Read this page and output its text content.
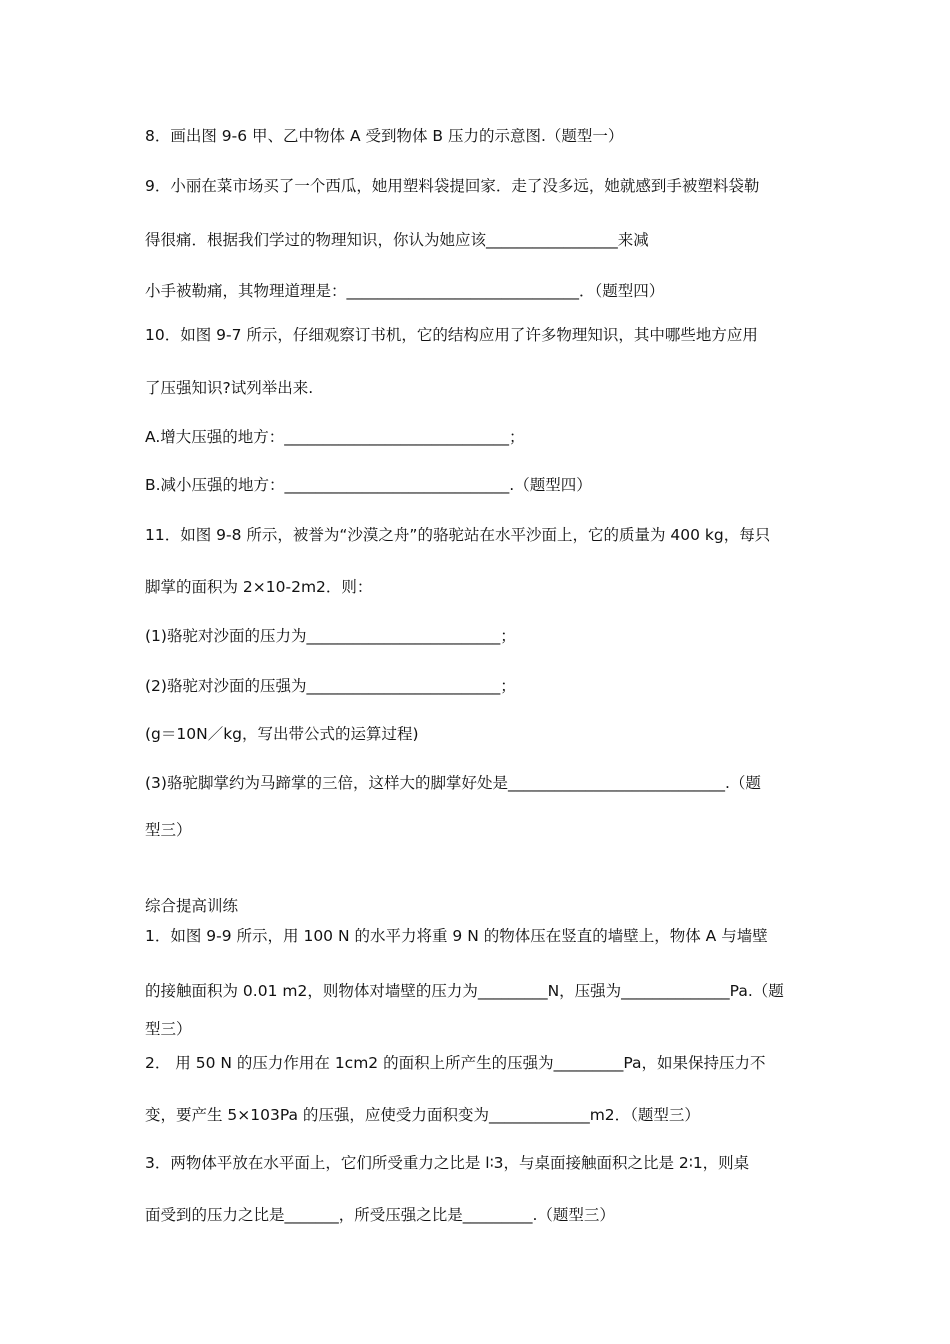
8．画出图 9-6 甲、乙中物体 A 受到物体 B 压力的示意图.（题型一）
9．小丽在菜市场买了一个西瓜，她用塑料袋提回家．走了没多远，她就感到手被塑料袋勒
得很痛．根据我们学过的物理知识，你认为她应该_________________来减
小手被勒痛，其物理道理是：______________________________．（题型四）
10．如图 9-7 所示，仔细观察订书机，它的结构应用了许多物理知识，其中哪些地方应用
了压强知识?试列举出来.
A.增大压强的地方：_____________________________；
B.减小压强的地方：_____________________________.（题型四）
11．如图 9-8 所示，被誉为“沙漠之舟”的骆驼站在水平沙面上，它的质量为 400 kg，每只
脚掌的面积为 2×10-2m2．则：
(1)骆驼对沙面的压力为_________________________；
(2)骆驼对沙面的压强为_________________________；
(g＝10N／kg，写出带公式的运算过程)
(3)骆驼脚掌约为马蹄掌的三倍，这样大的脚掌好处是____________________________.（题
型三）
综合提高训练
1．如图 9-9 所示，用 100 N 的水平力将重 9 N 的物体压在竖直的墙壁上，物体 A 与墙壁
的接触面积为 0.01 m2，则物体对墙壁的压力为_________N，压强为______________Pa.（题
型三）
2． 用 50 N 的压力作用在 1cm2 的面积上所产生的压强为_________Pa，如果保持压力不
变，要产生 5×103Pa 的压强，应使受力面积变为_____________m2．（题型三）
3．两物体平放在水平面上，它们所受重力之比是 l∶3，与桌面接触面积之比是 2∶1，则桌
面受到的压力之比是_______，所受压强之比是_________.（题型三）
